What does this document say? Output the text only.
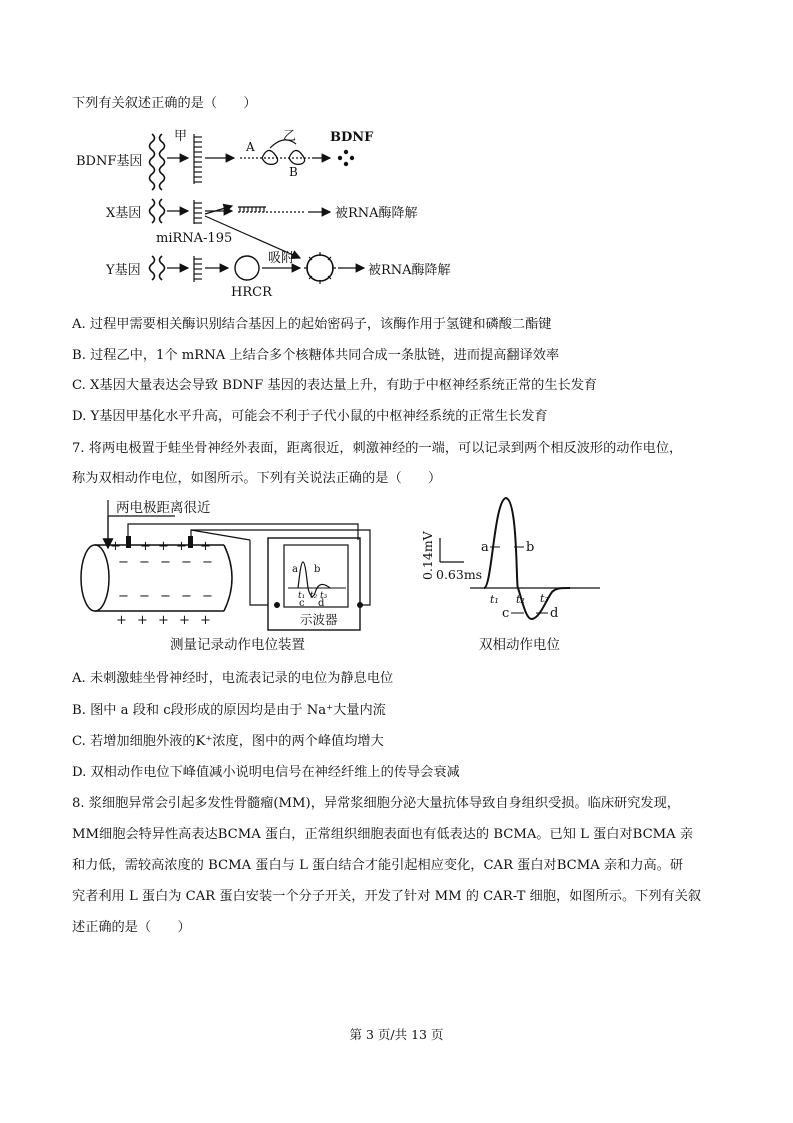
下列有关叙述正确的是（　　）
BDNF基因
X基因
Y基因
甲
A
乙
B
BDNF
被RNA酶降解
miRNA-195
HRCR
吸附
被RNA酶降解
A. 过程甲需要相关酶识别结合基因上的起始密码子，该酶作用于氢键和磷酸二酯键
B. 过程乙中，1个 mRNA 上结合多个核糖体共同合成一条肽链，进而提高翻译效率
C. X基因大量表达会导致 BDNF 基因的表达量上升，有助于中枢神经系统正常的生长发育
D. Y基因甲基化水平升高，可能会不利于子代小鼠的中枢神经系统的正常生长发育
7. 将两电极置于蛙坐骨神经外表面，距离很近，刺激神经的一端，可以记录到两个相反波形的动作电位，
称为双相动作电位，如图所示。下列有关说法正确的是（　　）
两电极距离很近
+ + + + +
− − − − −
− − − − −
+ + + + +
a b
t₁ t₂ t₃
c d
示波器
测量记录动作电位装置
0.14mV 0.63ms
a	b
t₁ t₂ t₃
c	d
双相动作电位
A. 未刺激蛙坐骨神经时，电流表记录的电位为静息电位
B. 图中 a 段和 c段形成的原因均是由于 Na⁺大量内流
C. 若增加细胞外液的K⁺浓度，图中的两个峰值均增大
D. 双相动作电位下峰值减小说明电信号在神经纤维上的传导会衰减
8. 浆细胞异常会引起多发性骨髓瘤(MM)，异常浆细胞分泌大量抗体导致自身组织受损。临床研究发现，
MM细胞会特异性高表达BCMA 蛋白，正常组织细胞表面也有低表达的 BCMA。已知 L 蛋白对BCMA 亲
和力低，需较高浓度的 BCMA 蛋白与 L 蛋白结合才能引起相应变化，CAR 蛋白对BCMA 亲和力高。研
究者利用 L 蛋白为 CAR 蛋白安装一个分子开关，开发了针对 MM 的 CAR-T 细胞，如图所示。下列有关叙
述正确的是（　　）
第 3 页/共 13 页
